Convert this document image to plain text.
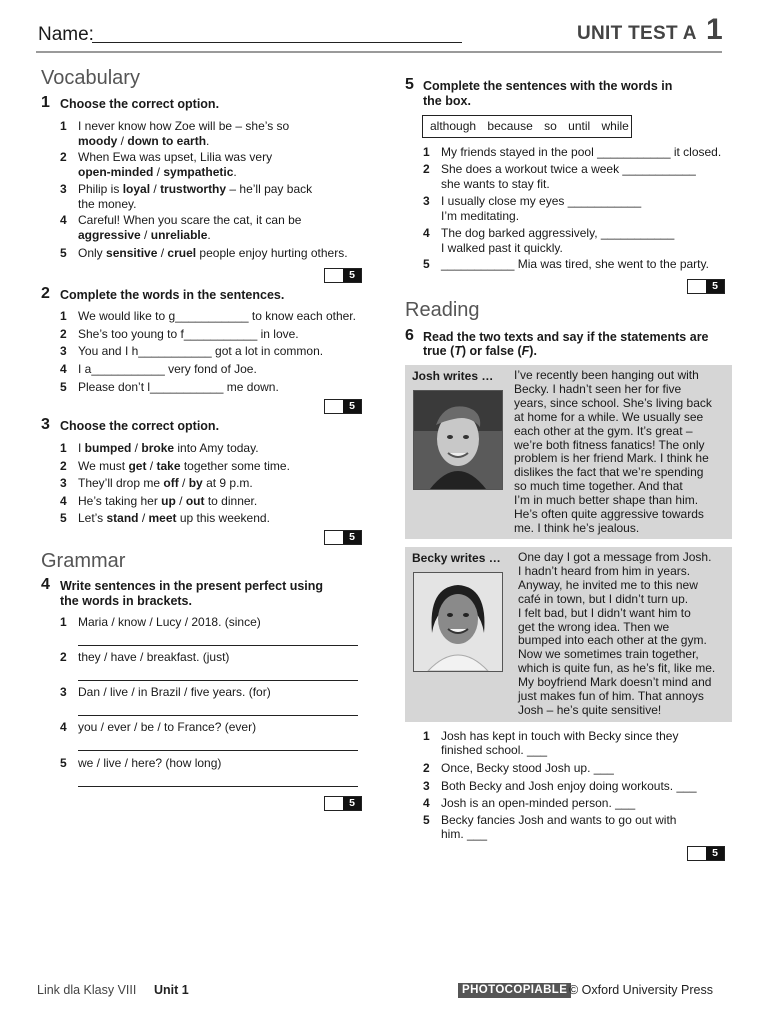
Name:	UNIT TEST A 1
Vocabulary
1 Choose the correct option.
1 I never know how Zoe will be – she’s so
moody / down to earth.
2 When Ewa was upset, Lilia was very
open-minded / sympathetic.
3 Philip is loyal / trustworthy – he’ll pay back
the money.
4 Careful! When you scare the cat, it can be
aggressive / unreliable.
5 Only sensitive / cruel people enjoy hurting others.
5
2 Complete the words in the sentences.
1 We would like to g___________ to know each other.
2 She’s too young to f___________ in love.
3 You and I h___________ got a lot in common.
4 I a___________ very fond of Joe.
5 Please don’t l___________ me down.
5
3 Choose the correct option.
1 I bumped / broke into Amy today.
2 We must get / take together some time.
3 They’ll drop me off / by at 9 p.m.
4 He’s taking her up / out to dinner.
5 Let’s stand / meet up this weekend.
5
Grammar
4 Write sentences in the present perfect using
the words in brackets.
1 Maria / know / Lucy / 2018. (since)
2 they / have / breakfast. (just)
3 Dan / live / in Brazil / five years. (for)
4 you / ever / be / to France? (ever)
5 we / live / here? (how long)
5
5 Complete the sentences with the words in
the box.
although because so until while
1 My friends stayed in the pool ___________ it closed.
2 She does a workout twice a week ___________
she wants to stay fit.
3 I usually close my eyes ___________
I’m meditating.
4 The dog barked aggressively, ___________
I walked past it quickly.
5 ___________ Mia was tired, she went to the party.
5
Reading
6 Read the two texts and say if the statements are
true (T) or false (F).
Josh writes … I’ve recently been hanging out with
Becky. I hadn’t seen her for five
years, since school. She’s living back
at home for a while. We usually see
each other at the gym. It’s great –
we’re both fitness fanatics! The only
problem is her friend Mark. I think he
dislikes the fact that we’re spending
so much time together. And that
I’m in much better shape than him.
He’s often quite aggressive towards
me. I think he’s jealous.
Becky writes … One day I got a message from Josh.
I hadn’t heard from him in years.
Anyway, he invited me to this new
café in town, but I didn’t turn up.
I felt bad, but I didn’t want him to
get the wrong idea. Then we
bumped into each other at the gym.
Now we sometimes train together,
which is quite fun, as he’s fit, like me.
My boyfriend Mark doesn’t mind and
just makes fun of him. That annoys
Josh – he’s quite sensitive!
1 Josh has kept in touch with Becky since they
finished school. ___
2 Once, Becky stood Josh up. ___
3 Both Becky and Josh enjoy doing workouts. ___
4 Josh is an open-minded person. ___
5 Becky fancies Josh and wants to go out with
him. ___
5
Link dla Klasy VIII Unit 1	PHOTOCOPIABLE © Oxford University Press
